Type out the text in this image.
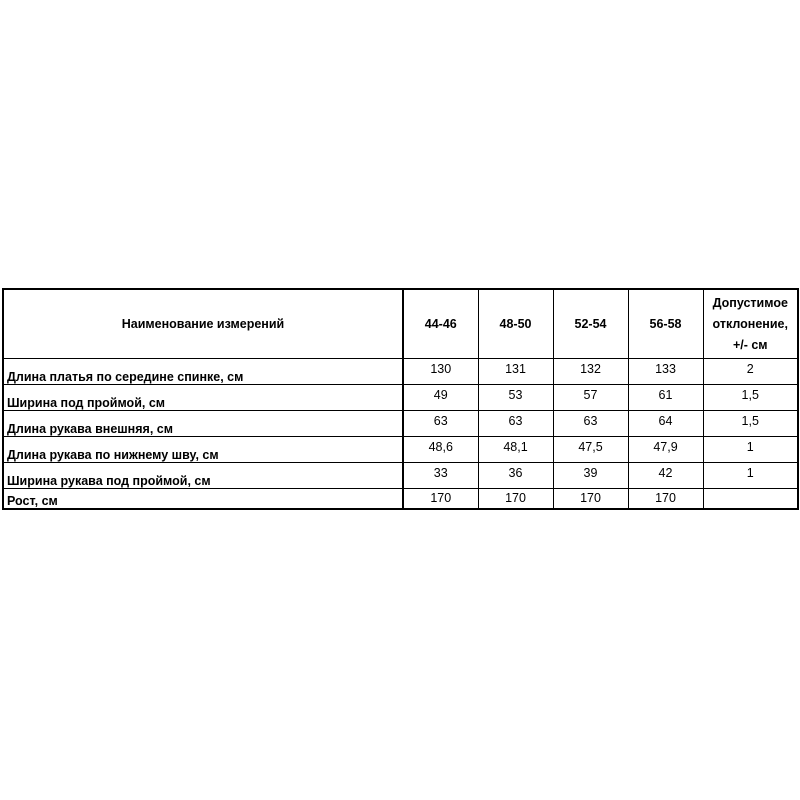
Наименование измерений	44-46	48-50	52-54	56-58	Допустимое отклонение, +/- см
Длина платья по середине спинке, см	130	131	132	133	2
Ширина под проймой, см	49	53	57	61	1,5
Длина рукава внешняя, см	63	63	63	64	1,5
Длина рукава по нижнему шву, см	48,6	48,1	47,5	47,9	1
Ширина рукава под проймой, см	33	36	39	42	1
Рост, см	170	170	170	170	
